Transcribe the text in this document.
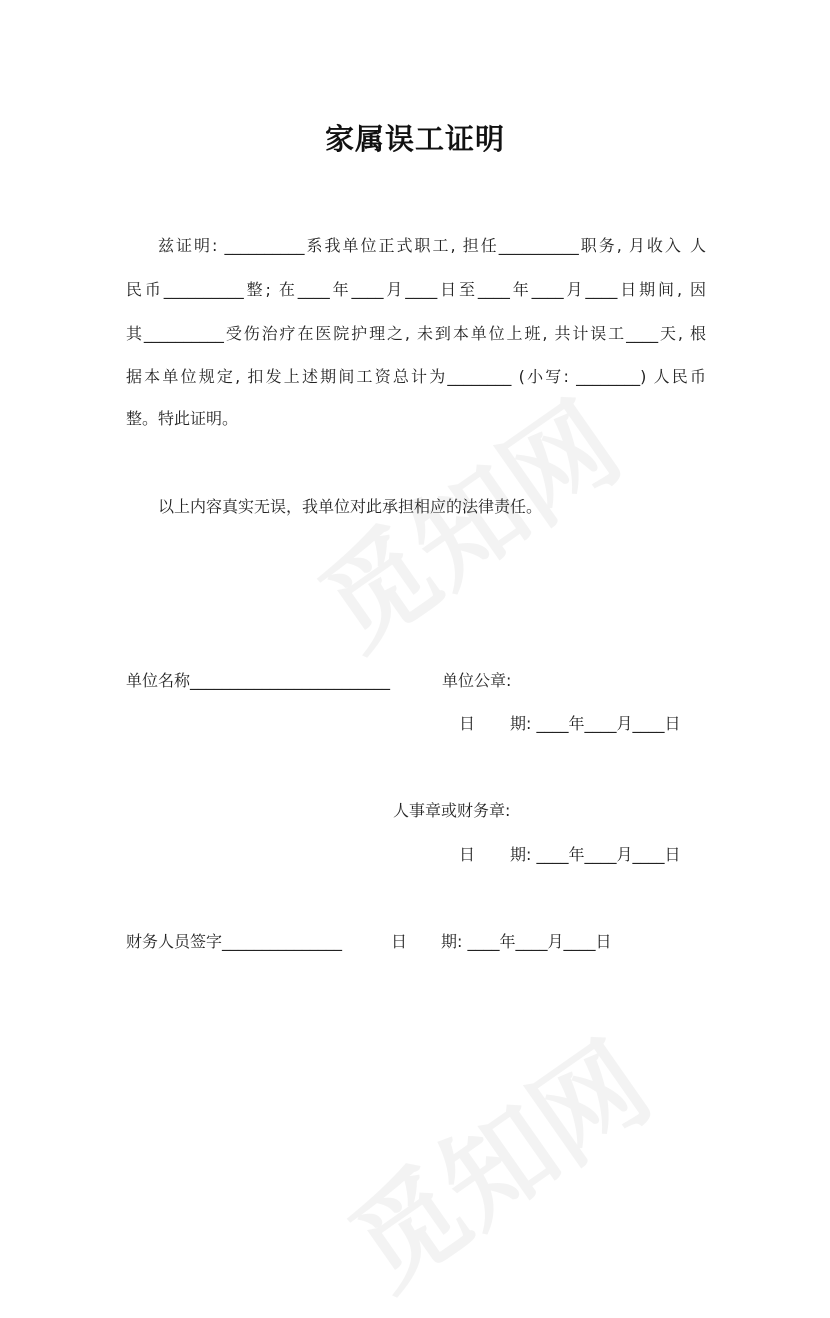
家属误工证明
兹证明: __________系我单位正式职工, 担任__________职务, 月收入 人
民币__________整; 在____年____月____日至____年____月____日期间, 因
其__________受伤治疗在医院护理之, 未到本单位上班, 共计误工____天, 根
据本单位规定, 扣发上述期间工资总计为________ (小写: ________) 人民币
整。特此证明。
以上内容真实无误，我单位对此承担相应的法律责任。
单位名称_________________________	单位公章:
日 期: ____年____月____日
人事章或财务章:
日 期: ____年____月____日
财务人员签字_______________	日 期: ____年____月____日
